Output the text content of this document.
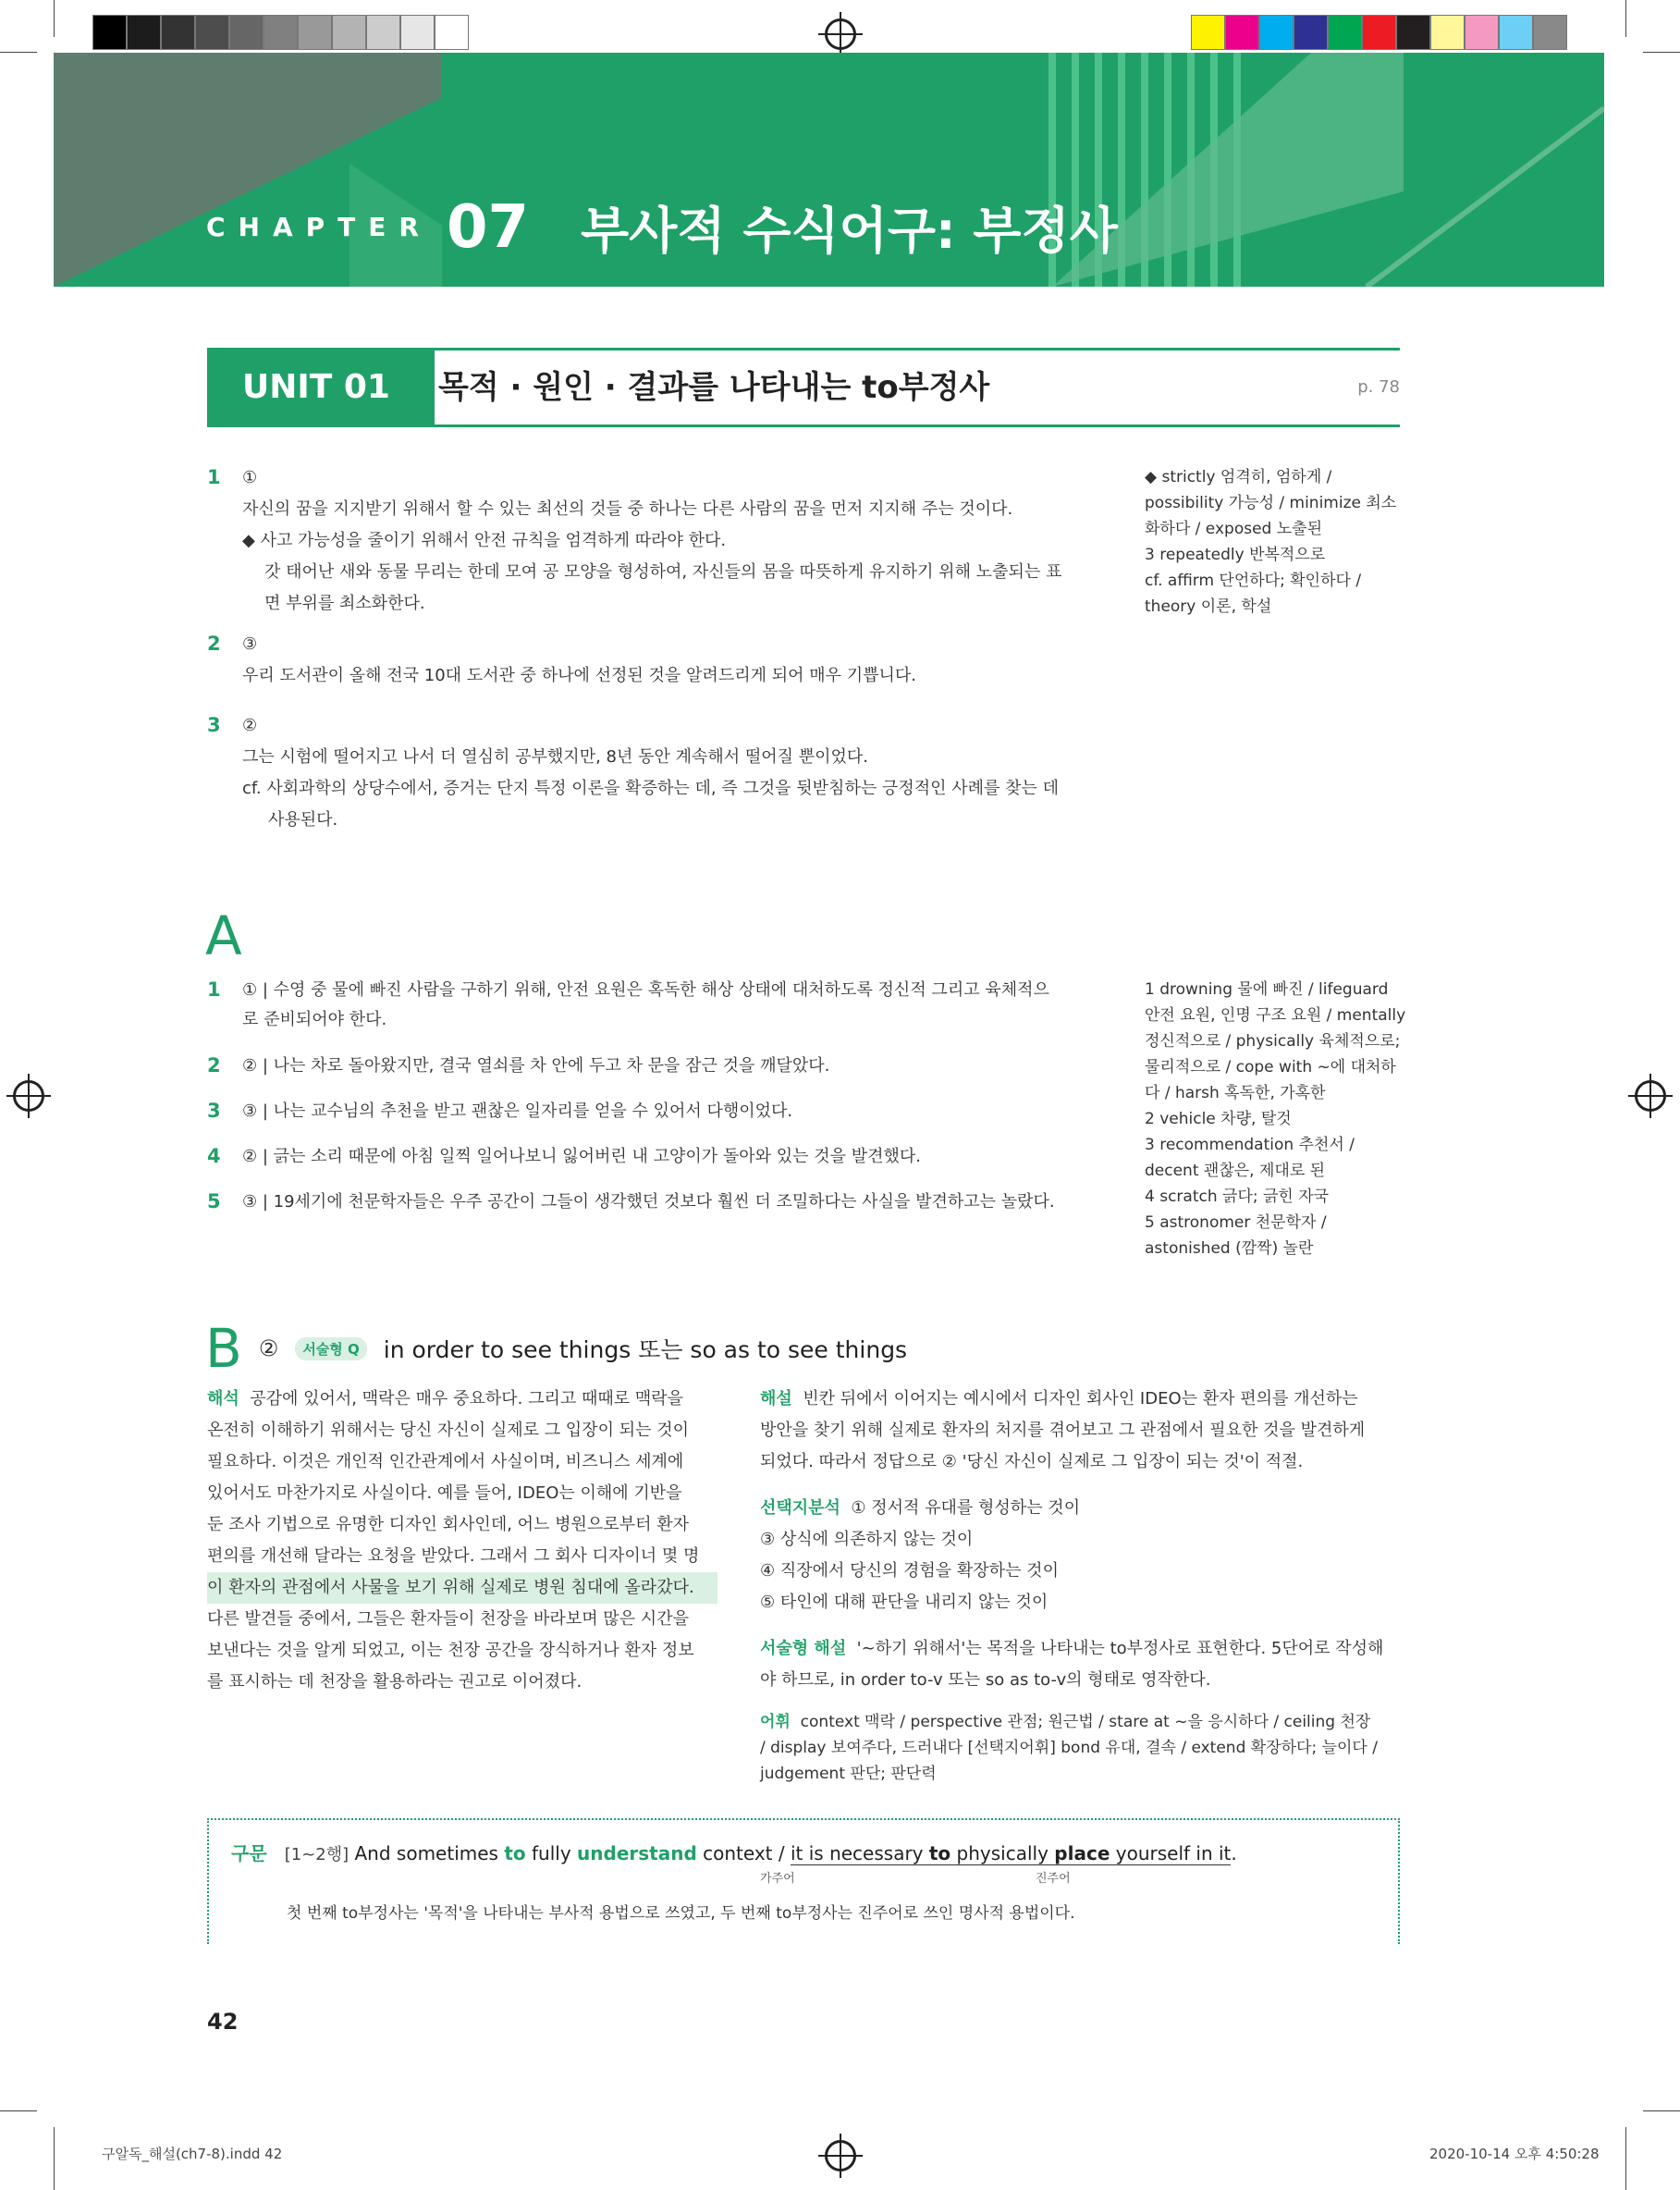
CHAPTER 07 부사적 수식어구: 부정사
UNIT 01	목적 · 원인 · 결과를 나타내는 to부정사	p. 78
1 ①
자신의 꿈을 지지받기 위해서 할 수 있는 최선의 것들 중 하나는 다른 사람의 꿈을 먼저 지지해 주는 것이다.
◆ 사고 가능성을 줄이기 위해서 안전 규칙을 엄격하게 따라야 한다.
갓 태어난 새와 동물 무리는 한데 모여 공 모양을 형성하여, 자신들의 몸을 따뜻하게 유지하기 위해 노출되는 표
면 부위를 최소화한다.
2 ③
우리 도서관이 올해 전국 10대 도서관 중 하나에 선정된 것을 알려드리게 되어 매우 기쁩니다.
3 ②
그는 시험에 떨어지고 나서 더 열심히 공부했지만, 8년 동안 계속해서 떨어질 뿐이었다.
cf. 사회과학의 상당수에서, 증거는 단지 특정 이론을 확증하는 데, 즉 그것을 뒷받침하는 긍정적인 사례를 찾는 데
사용된다.
◆ strictly 엄격히, 엄하게 /
possibility 가능성 / minimize 최소
화하다 / exposed 노출된
3 repeatedly 반복적으로
cf. affirm 단언하다; 확인하다 /
theory 이론, 학설
A
1 ① | 수영 중 물에 빠진 사람을 구하기 위해, 안전 요원은 혹독한 해상 상태에 대처하도록 정신적 그리고 육체적으
로 준비되어야 한다.
2 ② | 나는 차로 돌아왔지만, 결국 열쇠를 차 안에 두고 차 문을 잠근 것을 깨달았다.
3 ③ | 나는 교수님의 추천을 받고 괜찮은 일자리를 얻을 수 있어서 다행이었다.
4 ② | 긁는 소리 때문에 아침 일찍 일어나보니 잃어버린 내 고양이가 돌아와 있는 것을 발견했다.
5 ③ | 19세기에 천문학자들은 우주 공간이 그들이 생각했던 것보다 훨씬 더 조밀하다는 사실을 발견하고는 놀랐다.
1 drowning 물에 빠진 / lifeguard
안전 요원, 인명 구조 요원 / mentally
정신적으로 / physically 육체적으로;
물리적으로 / cope with ~에 대처하
다 / harsh 혹독한, 가혹한
2 vehicle 차량, 탈것
3 recommendation 추천서 /
decent 괜찮은, 제대로 된
4 scratch 긁다; 긁힌 자국
5 astronomer 천문학자 /
astonished (깜짝) 놀란
B ②	서술형 Q	in order to see things 또는 so as to see things
해석 공감에 있어서, 맥락은 매우 중요하다. 그리고 때때로 맥락을
온전히 이해하기 위해서는 당신 자신이 실제로 그 입장이 되는 것이
필요하다. 이것은 개인적 인간관계에서 사실이며, 비즈니스 세계에
있어서도 마찬가지로 사실이다. 예를 들어, IDEO는 이해에 기반을
둔 조사 기법으로 유명한 디자인 회사인데, 어느 병원으로부터 환자
편의를 개선해 달라는 요청을 받았다. 그래서 그 회사 디자이너 몇 명
이 환자의 관점에서 사물을 보기 위해 실제로 병원 침대에 올라갔다.
다른 발견들 중에서, 그들은 환자들이 천장을 바라보며 많은 시간을
보낸다는 것을 알게 되었고, 이는 천장 공간을 장식하거나 환자 정보
를 표시하는 데 천장을 활용하라는 권고로 이어졌다.
해설 빈칸 뒤에서 이어지는 예시에서 디자인 회사인 IDEO는 환자 편의를 개선하는
방안을 찾기 위해 실제로 환자의 처지를 겪어보고 그 관점에서 필요한 것을 발견하게
되었다. 따라서 정답으로 ② '당신 자신이 실제로 그 입장이 되는 것'이 적절.
선택지분석 ① 정서적 유대를 형성하는 것이
③ 상식에 의존하지 않는 것이
④ 직장에서 당신의 경험을 확장하는 것이
⑤ 타인에 대해 판단을 내리지 않는 것이
서술형 해설 '~하기 위해서'는 목적을 나타내는 to부정사로 표현한다. 5단어로 작성해
야 하므로, in order to-v 또는 so as to-v의 형태로 영작한다.
어휘 context 맥락 / perspective 관점; 원근법 / stare at ~을 응시하다 / ceiling 천장
/ display 보여주다, 드러내다 [선택지어휘] bond 유대, 결속 / extend 확장하다; 늘이다 /
judgement 판단; 판단력
구문 [1~2행] And sometimes to fully understand context / it is necessary to physically place yourself in it.
가주어	진주어
첫 번째 to부정사는 '목적'을 나타내는 부사적 용법으로 쓰였고, 두 번째 to부정사는 진주어로 쓰인 명사적 용법이다.
42
구알독_해설(ch7-8).indd 42	2020-10-14 오후 4:50:28
